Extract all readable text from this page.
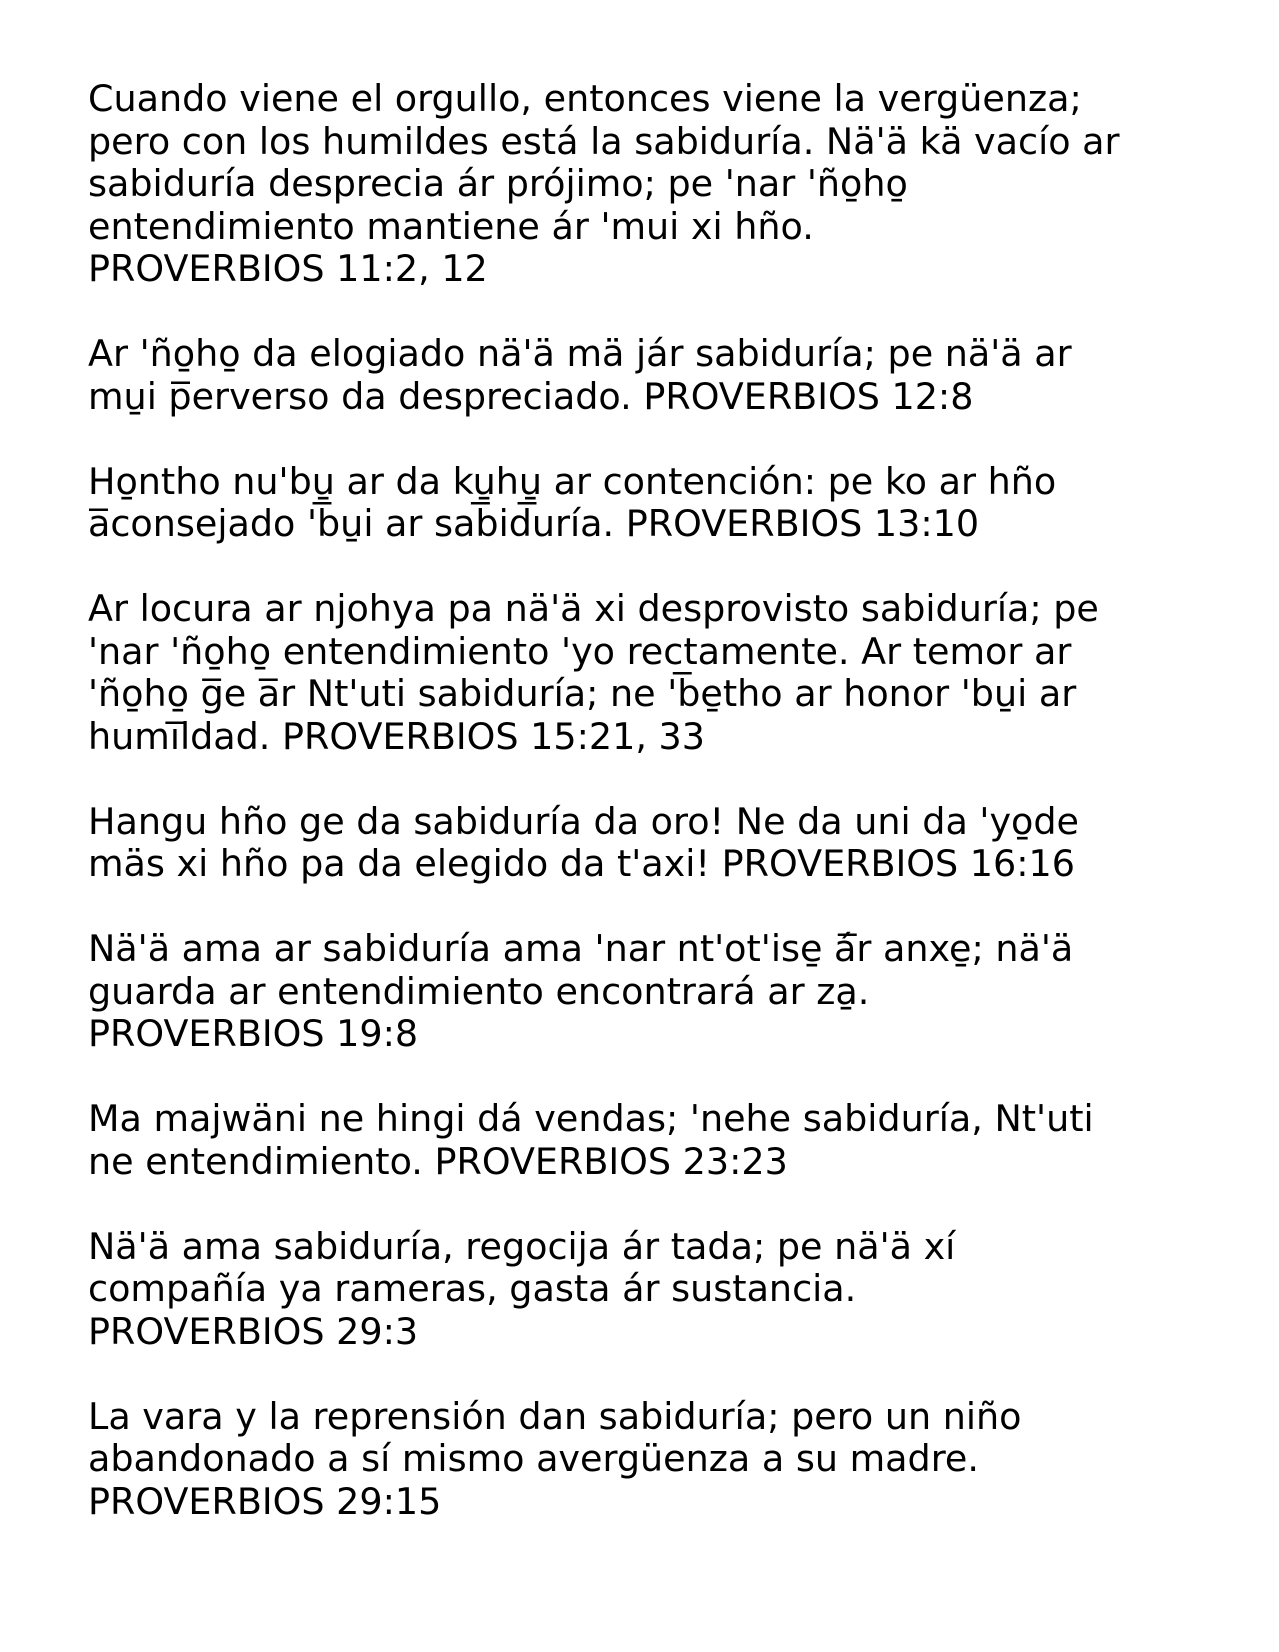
Cuando viene el orgullo, entonces viene la vergüenza;
pero con los humildes está la sabiduría. Nä'ä kä vacío ar
sabiduría desprecia ár prójimo; pe 'nar 'ño̱ho̱
entendimiento mantiene ár 'mui xi hño.
PROVERBIOS 11:2, 12

Ar 'ño̱ho̱ da elogiado nä'ä mä jár sabiduría; pe nä'ä ar
mu̱i p̅erverso da despreciado. PROVERBIOS 12:8

Ho̱ntho nu'bu̱ ar da ku̱hu̱ ar contención: pe ko ar hño
a̅consejado 'b̅u̱i ar sab̅id̅uría. PROVERBIOS 13:10

Ar locura ar njohya pa nä'ä xi desprovisto sabiduría; pe
'nar 'ño̱ho̱ entendimiento 'yo rectamente. Ar temor ar
'ño̱ho̱ g̅e a̅r Nt'uti sabiduría; ne 'b̅e̱tho ar honor 'bu̱i ar
humi̅ldad. PROVERBIOS 15:21, 33

Hangu hño ge da sabiduría da oro! Ne da uni da 'yo̱de
mäs xi hño pa da elegido da t'axi! PROVERBIOS 16:16

Nä'ä ama ar sabiduría ama 'nar nt'ot'ise̱ á̅r anxe̱; nä'ä
guarda ar entendimiento encontrará ar za̱.
PROVERBIOS 19:8

Ma majwäni ne hingi dá vendas; 'nehe sabiduría, Nt'uti
ne entendimiento. PROVERBIOS 23:23

Nä'ä ama sabiduría, regocija ár tada; pe nä'ä xí
compañía ya rameras, gasta ár sustancia.
PROVERBIOS 29:3

La vara y la reprensión dan sabiduría; pero un niño
abandonado a sí mismo avergüenza a su madre.
PROVERBIOS 29:15
